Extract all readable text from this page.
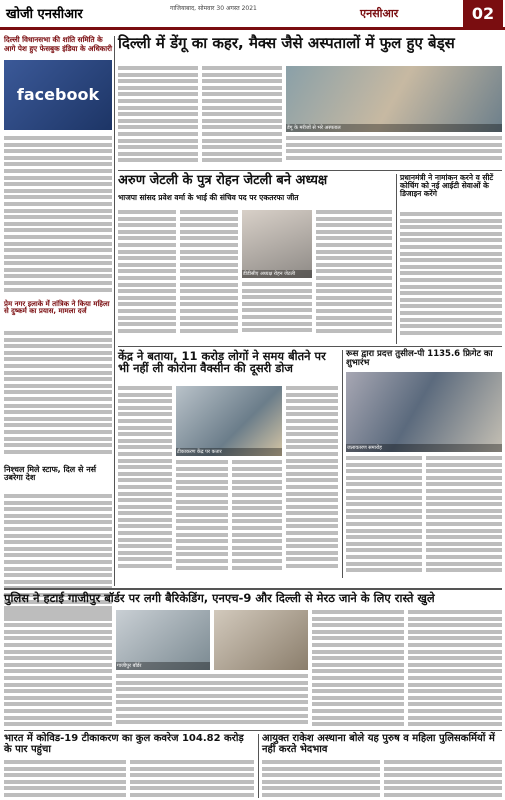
खोजी एनसीआर	गाजियाबाद, सोमवार 30 अगस्त 2021	एनसीआर	02
दिल्ली विधानसभा की शांति समिति के आगे पेश हुए फेसबुक इंडिया के अधिकारी
facebook
प्रेम नगर इलाके में तांत्रिक ने किया महिला से दुष्कर्म का प्रयास, मामला दर्ज
निश्चल मिले स्टाफ, दिल से नर्स उबरेगा देश
दिल्ली में डेंगू का कहर, मैक्स जैसे अस्पतालों में फुल हुए बेड्स
डेंगू के मरीजों से भरे अस्पताल
अरुण जेटली के पुत्र रोहन जेटली बने अध्यक्ष
भाजपा सांसद प्रवेश वर्मा के भाई की संचिव पद पर एकतरफा जीत
डीडीसीए अध्यक्ष रोहन जेटली
प्रधानमंत्री ने नामांकन करने व सीटें कोचिंग को नई आईटी सेवाओं के डिजाइन करेंगे
केंद्र ने बताया, 11 करोड़ लोगों ने समय बीतने पर भी नहीं ली कोरोना वैक्सीन की दूसरी डोज
टीकाकरण केंद्र पर कतार
रूस द्वारा प्रदत्त तुसील-पी 1135.6 फ्रिगेट का शुभारंभ
जलावतरण समारोह
पुलिस ने हटाई गाजीपुर बॉर्डर पर लगी बैरिकेडिंग, एनएच-9 और दिल्ली से मेरठ जाने के लिए रास्ते खुले
गाजीपुर बॉर्डर
भारत में कोविड-19 टीकाकरण का कुल कवरेज 104.82 करोड़ के पार पहुंचा
आयुक्त राकेश अस्थाना बोले यह पुरुष व महिला पुलिसकर्मियों में नहीं करते भेदभाव
